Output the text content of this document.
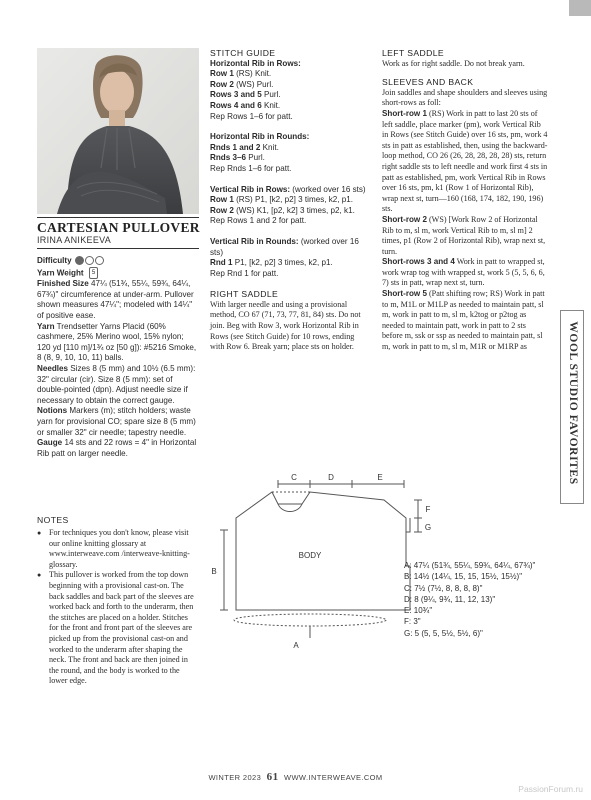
CARTESIAN PULLOVER
IRINA ANIKEEVA
Difficulty
Yarn Weight 5
Finished Size 47¼ (51¾, 55¼, 59¾, 64¼, 67¾)" circumference at under-arm. Pullover shown measures 47¼"; modeled with 14¼" of positive ease.
Yarn Trendsetter Yarns Placid (60% cashmere, 25% Merino wool, 15% nylon; 120 yd [110 m]/1¾ oz [50 g]): #5216 Smoke, 8 (8, 9, 10, 10, 11) balls.
Needles Sizes 8 (5 mm) and 10½ (6.5 mm): 32" circular (cir). Size 8 (5 mm): set of double-pointed (dpn). Adjust needle size if necessary to obtain the correct gauge.
Notions Markers (m); stitch holders; waste yarn for provisional CO; spare size 8 (5 mm) or smaller 32" cir needle; tapestry needle.
Gauge 14 sts and 22 rows = 4" in Horizontal Rib patt on larger needle.
NOTES
● For techniques you don't know, please visit our online knitting glossary at www.interweave.com /interweave-knitting-glossary.
● This pullover is worked from the top down beginning with a provisional cast-on. The back saddles and back part of the sleeves are worked back and forth to the underarm, then the stitches are placed on a holder. Stitches for the front and front part of the sleeves are picked up from the provisional cast-on and worked to the underarm after shaping the neck. The front and back are then joined in the round, and the body is worked to the lower edge.

STITCH GUIDE

Horizontal Rib in Rows:

Row 1 (RS) Knit.

Row 2 (WS) Purl.

Rows 3 and 5 Purl.

Rows 4 and 6 Knit.

Rep Rows 1–6 for patt.

Horizontal Rib in Rounds:

Rnds 1 and 2 Knit.

Rnds 3–6 Purl.

Rep Rnds 1–6 for patt.

Vertical Rib in Rows: (worked over 16 sts)

Row 1 (RS) P1, [k2, p2] 3 times, k2, p1.

Row 2 (WS) K1, [p2, k2] 3 times, p2, k1.

Rep Rows 1 and 2 for patt.

Vertical Rib in Rounds: (worked over 16 sts)

Rnd 1 P1, [k2, p2] 3 times, k2, p1.

Rep Rnd 1 for patt.

RIGHT SADDLE

With larger needle and using a provisional method, CO 67 (71, 73, 77, 81, 84) sts. Do not join. Beg with Row 3, work Horizontal Rib in Rows (see Stitch Guide) for 10 rows, ending with Row 6. Break yarn; place sts on holder.

LEFT SADDLE

Work as for right saddle. Do not break yarn.

SLEEVES AND BACK

Join saddles and shape shoulders and sleeves using short-rows as foll:

Short-row 1 (RS) Work in patt to last 20 sts of left saddle, place marker (pm), work Vertical Rib in Rows (see Stitch Guide) over 16 sts, pm, work 4 sts in patt as established, then, using the backward-loop method, CO 26 (26, 28, 28, 28, 28) sts, return right saddle sts to left needle and work first 4 sts in patt as established, pm, work Vertical Rib in Rows over 16 sts, pm, k1 (Row 1 of Horizontal Rib), wrap next st, turn—160 (168, 174, 182, 190, 196) sts.

Short-row 2 (WS) [Work Row 2 of Horizontal Rib to m, sl m, work Vertical Rib to m, sl m] 2 times, p1 (Row 2 of Horizontal Rib), wrap next st, turn.

Short-rows 3 and 4 Work in patt to wrapped st, work wrap tog with wrapped st, work 5 (5, 5, 6, 6, 7) sts in patt, wrap next st, turn.

Short-row 5 (Patt shifting row; RS) Work in patt to m, M1L or M1LP as needed to maintain patt, sl m, work in patt to m, sl m, k2tog or p2tog as needed to maintain patt, work in patt to 2 sts before m, ssk or ssp as needed to maintain patt, sl m, work in patt to m, sl m, M1R or M1RP as	WOOL STUDIO FAVORITES
BODY
C	D	E
B
F
G
A
A: 47¼ (51¾, 55¼, 59¾, 64¼, 67¾)"
B: 14½ (14¼, 15, 15, 15½, 15½)"
C: 7½ (7½, 8, 8, 8, 8)"
D: 8 (9¼, 9¾, 11, 12, 13)"
E: 10¾"
F: 3"
G: 5 (5, 5, 5½, 5½, 6)"
WINTER 2023 61 WWW.INTERWEAVE.COM
PassionForum.ru
